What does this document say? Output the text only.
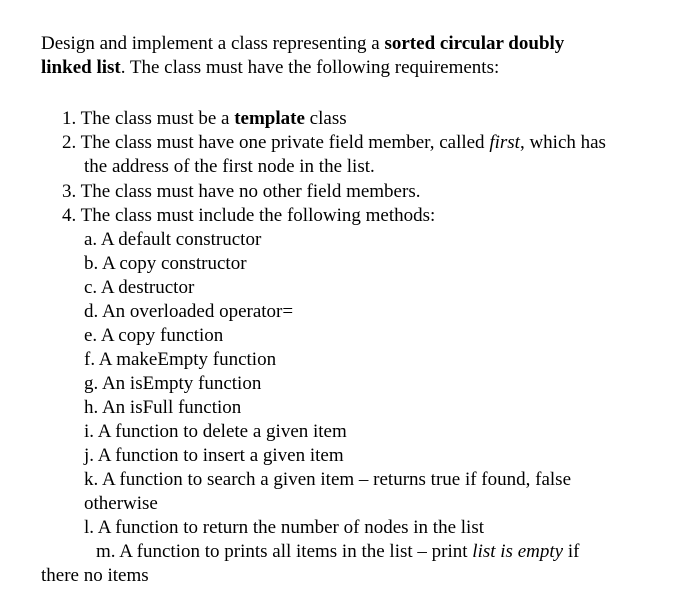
Design and implement a class representing a sorted circular doubly
linked list. The class must have the following requirements:
1. The class must be a template class
2. The class must have one private field member, called first, which has
the address of the first node in the list.
3. The class must have no other field members.
4. The class must include the following methods:
a. A default constructor
b. A copy constructor
c. A destructor
d. An overloaded operator=
e. A copy function
f. A makeEmpty function
g. An isEmpty function
h. An isFull function
i. A function to delete a given item
j. A function to insert a given item
k. A function to search a given item – returns true if found, false
otherwise
l. A function to return the number of nodes in the list
m. A function to prints all items in the list – print list is empty if
there no items
